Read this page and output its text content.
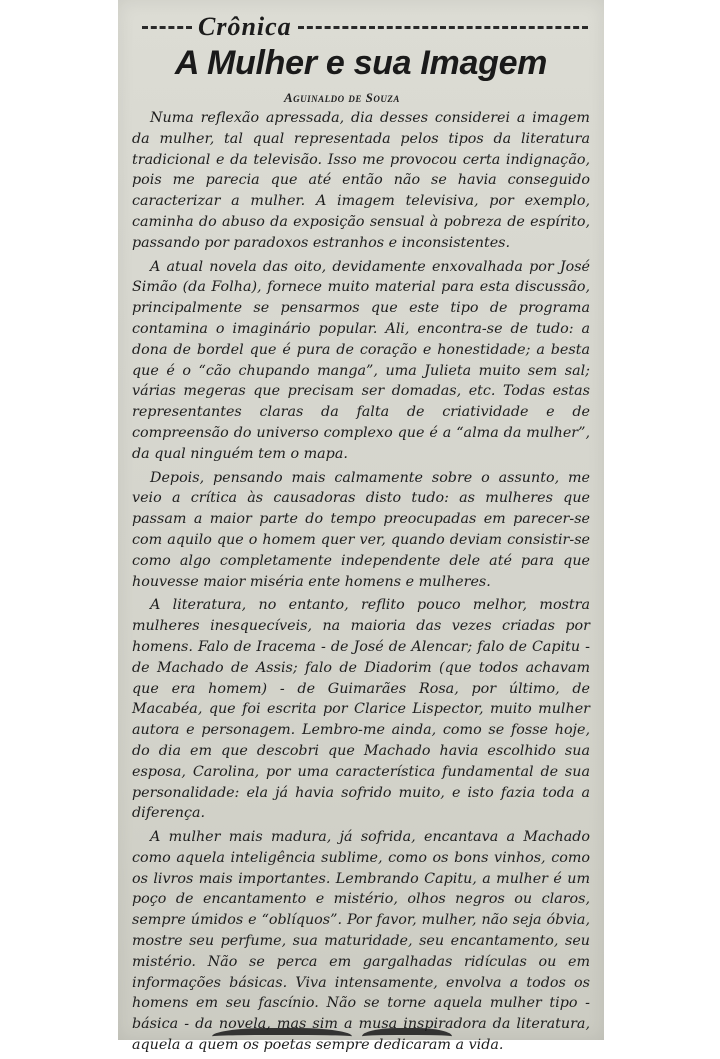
Crônica
A Mulher e sua Imagem
Aguinaldo de Souza

Numa reflexão apressada, dia desses considerei a imagem da mulher, tal qual representada pelos tipos da literatura tradicional e da televisão. Isso me provocou certa indignação, pois me parecia que até então não se havia conseguido caracterizar a mulher. A imagem televisiva, por exemplo, caminha do abuso da exposição sensual à pobreza de espírito, passando por paradoxos estranhos e inconsistentes.

A atual novela das oito, devidamente enxovalhada por José Simão (da Folha), fornece muito material para esta discussão, principalmente se pensarmos que este tipo de programa contamina o imaginário popular. Ali, encontra-se de tudo: a dona de bordel que é pura de coração e honestidade; a besta que é o “cão chupando manga”, uma Julieta muito sem sal; várias megeras que precisam ser domadas, etc. Todas estas representantes claras da falta de criatividade e de compreensão do universo complexo que é a “alma da mulher”, da qual ninguém tem o mapa.

Depois, pensando mais calmamente sobre o assunto, me veio a crítica às causadoras disto tudo: as mulheres que passam a maior parte do tempo preocupadas em parecer-se com aquilo que o homem quer ver, quando deviam consistir-se como algo completamente independente dele até para que houvesse maior miséria ente homens e mulheres.

A literatura, no entanto, reflito pouco melhor, mostra mulheres inesquecíveis, na maioria das vezes criadas por homens. Falo de Iracema - de José de Alencar; falo de Capitu - de Machado de Assis; falo de Diadorim (que todos achavam que era homem) - de Guimarães Rosa, por último, de Macabéa, que foi escrita por Clarice Lispector, muito mulher autora e personagem. Lembro-me ainda, como se fosse hoje, do dia em que descobri que Machado havia escolhido sua esposa, Carolina, por uma característica fundamental de sua personalidade: ela já havia sofrido muito, e isto fazia toda a diferença.

A mulher mais madura, já sofrida, encantava a Machado como aquela inteligência sublime, como os bons vinhos, como os livros mais importantes. Lembrando Capitu, a mulher é um poço de encantamento e mistério, olhos negros ou claros, sempre úmidos e “oblíquos”. Por favor, mulher, não seja óbvia, mostre seu perfume, sua maturidade, seu encantamento, seu mistério. Não se perca em gargalhadas ridículas ou em informações básicas. Viva intensamente, envolva a todos os homens em seu fascínio. Não se torne aquela mulher tipo - básica - da novela, mas sim a musa inspiradora da literatura, aquela a quem os poetas sempre dedicaram a vida.
